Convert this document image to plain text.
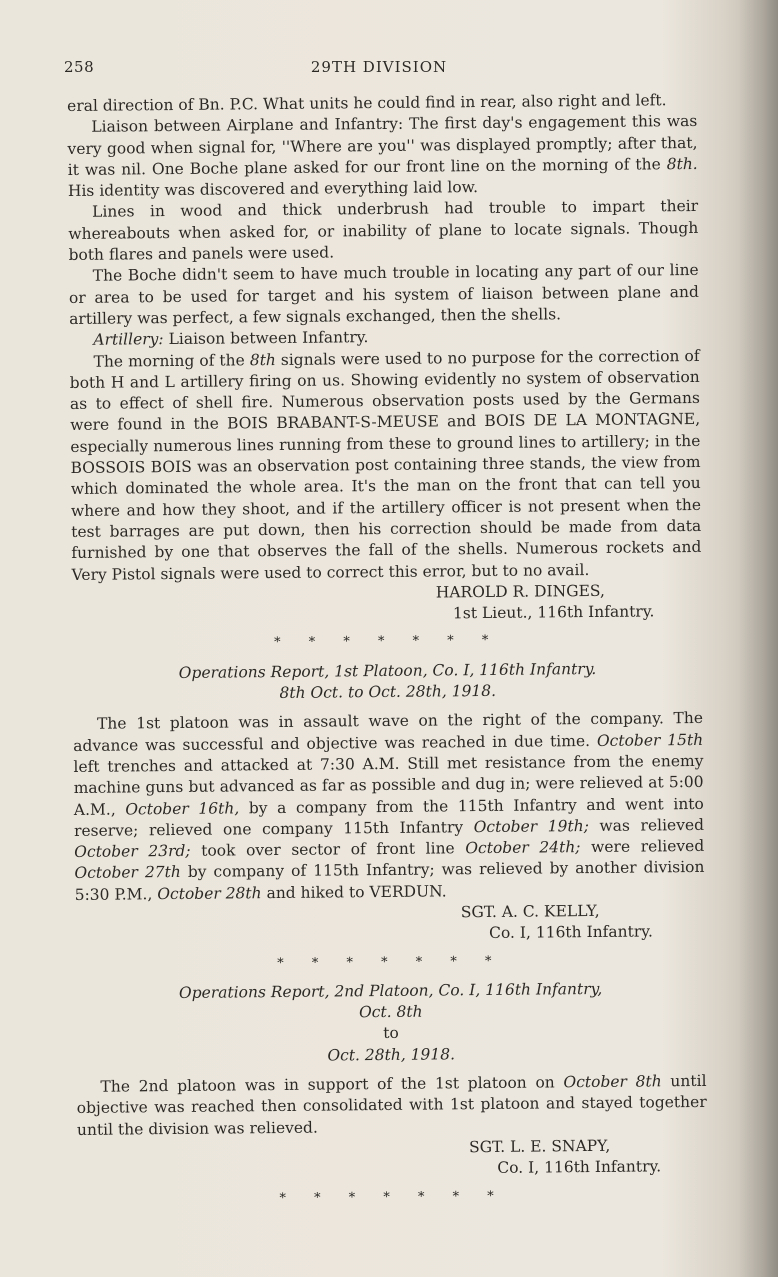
258	29TH DIVISION

eral direction of Bn. P.C. What units he could find in rear, also right and left.

Liaison between Airplane and Infantry: The first day's engagement this was very good when signal for, ''Where are you'' was displayed promptly; after that, it was nil. One Boche plane asked for our front line on the morning of the 8th. His identity was discovered and everything laid low.

Lines in wood and thick underbrush had trouble to impart their whereabouts when asked for, or inability of plane to locate signals. Though both flares and panels were used.

The Boche didn't seem to have much trouble in locating any part of our line or area to be used for target and his system of liaison between plane and artillery was perfect, a few signals exchanged, then the shells.

Artillery: Liaison between Infantry.

The morning of the 8th signals were used to no purpose for the correction of both H and L artillery firing on us. Showing evidently no system of observation as to effect of shell fire. Numerous observation posts used by the Germans were found in the BOIS BRABANT-S-MEUSE and BOIS DE LA MONTAGNE, especially numerous lines running from these to ground lines to artillery; in the BOSSOIS BOIS was an observation post containing three stands, the view from which dominated the whole area. It's the man on the front that can tell you where and how they shoot, and if the artillery officer is not present when the test barrages are put down, then his correction should be made from data furnished by one that observes the fall of the shells. Numerous rockets and Very Pistol signals were used to correct this error, but to no avail.

HAROLD R. DINGES,

1st Lieut., 116th Infantry.

* * * * * * *
Operations Report, 1st Platoon, Co. I, 116th Infantry.
8th Oct. to Oct. 28th, 1918.

The 1st platoon was in assault wave on the right of the company. The advance was successful and objective was reached in due time. October 15th left trenches and attacked at 7:30 A.M. Still met resistance from the enemy machine guns but advanced as far as possible and dug in; were relieved at 5:00 A.M., October 16th, by a company from the 115th Infantry and went into reserve; relieved one company 115th Infantry October 19th; was relieved October 23rd; took over sector of front line October 24th; were relieved October 27th by company of 115th Infantry; was relieved by another division 5:30 P.M., October 28th and hiked to VERDUN.

SGT. A. C. KELLY,

Co. I, 116th Infantry.

* * * * * * *
Operations Report, 2nd Platoon, Co. I, 116th Infantry,
Oct. 8th
to
Oct. 28th, 1918.

The 2nd platoon was in support of the 1st platoon on October 8th until objective was reached then consolidated with 1st platoon and stayed together until the division was relieved.

SGT. L. E. SNAPY,

Co. I, 116th Infantry.

* * * * * * *
